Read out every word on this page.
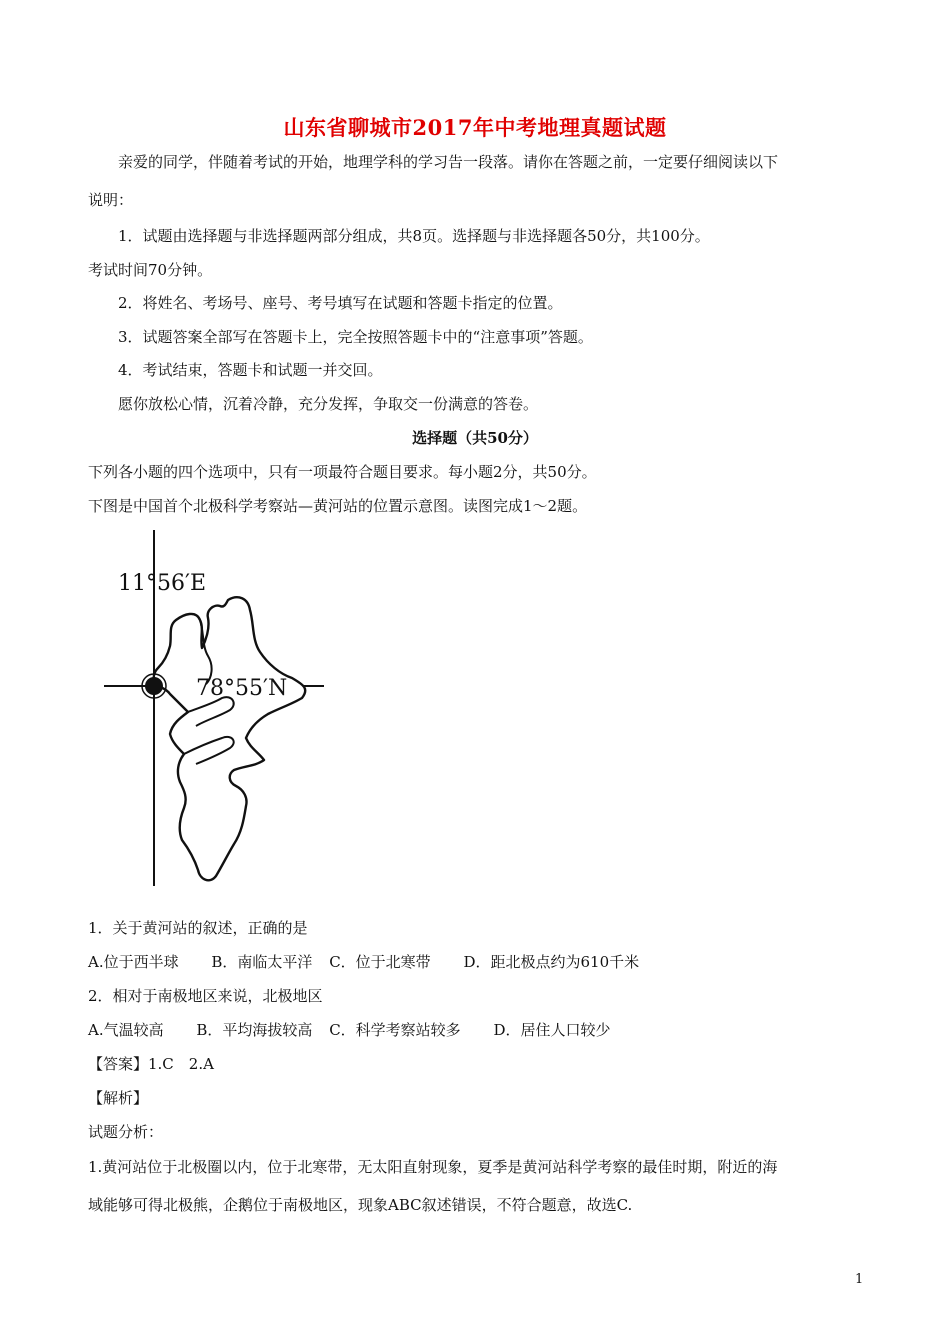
山东省聊城市2017年中考地理真题试题
亲爱的同学，伴随着考试的开始，地理学科的学习告一段落。请你在答题之前，一定要仔细阅读以下
说明：
1．试题由选择题与非选择题两部分组成，共8页。选择题与非选择题各50分，共100分。
考试时间70分钟。
2．将姓名、考场号、座号、考号填写在试题和答题卡指定的位置。
3．试题答案全部写在答题卡上，完全按照答题卡中的“注意事项”答题。
4．考试结束，答题卡和试题一并交回。
愿你放松心情，沉着冷静，充分发挥，争取交一份满意的答卷。
选择题（共50分）
下列各小题的四个选项中，只有一项最符合题目要求。每小题2分，共50分。
下图是中国首个北极科学考察站—黄河站的位置示意图。读图完成1～2题。
11°56′E
78°55′N
1．关于黄河站的叙述，正确的是
A.位于西半球 B．南临太平洋 C．位于北寒带 D．距北极点约为610千米
2．相对于南极地区来说，北极地区
A.气温较高 B．平均海拔较高 C．科学考察站较多 D．居住人口较少
【答案】1.C　2.A
【解析】
试题分析：
1.黄河站位于北极圈以内，位于北寒带，无太阳直射现象，夏季是黄河站科学考察的最佳时期，附近的海
域能够可得北极熊，企鹅位于南极地区，现象ABC叙述错误，不符合题意，故选C.
1
